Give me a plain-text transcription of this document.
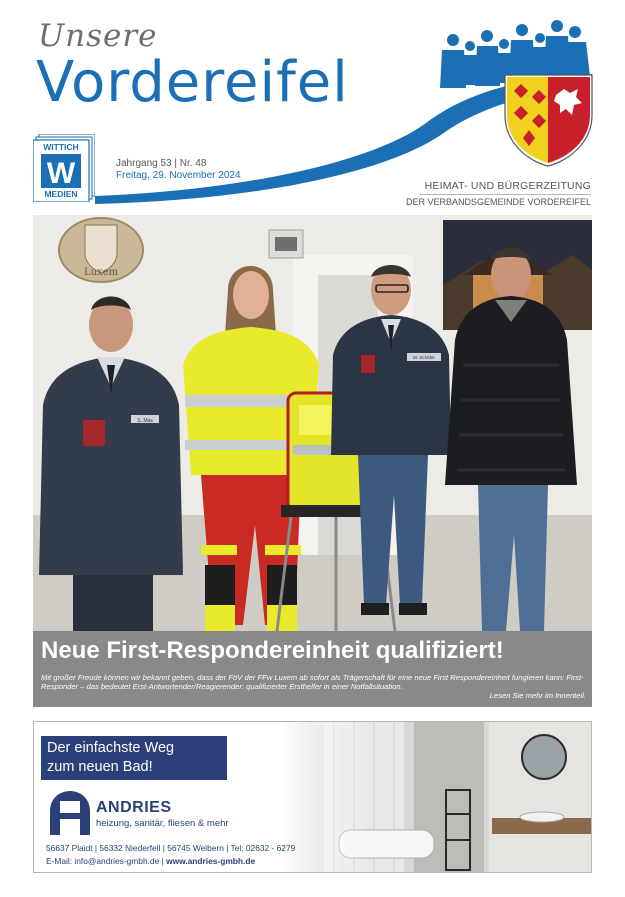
Unsere
Vordereifel
WITTICH
W
MEDIEN
Jahrgang 53 | Nr. 48
Freitag, 29. November 2024
HEIMAT- UND BÜRGERZEITUNG
DER VERBANDSGEMEINDE VORDEREIFEL
Luxem
S. Mas
M. Schäfer
Neue First-Respondereinheit qualifiziert!
Mit großer Freude können wir bekannt geben, dass der FöV der FFw Luxem ab sofort als Trägerschaft für eine neue First Respondereinheit fungieren kann: First-Responder – das bedeutet Erst-Antwortender/Reagierender: qualifizierter Ersthelfer in einer Notfallsituation.
Lesen Sie mehr im Innenteil.
Der einfachste Weg
zum neuen Bad!
ANDRIES
heizung, sanitär, fliesen & mehr
56637 Plaidt | 56332 Niederfell | 56745 Weibern | Tel: 02632 - 6279
E-Mail: info@andries-gmbh.de | www.andries-gmbh.de
